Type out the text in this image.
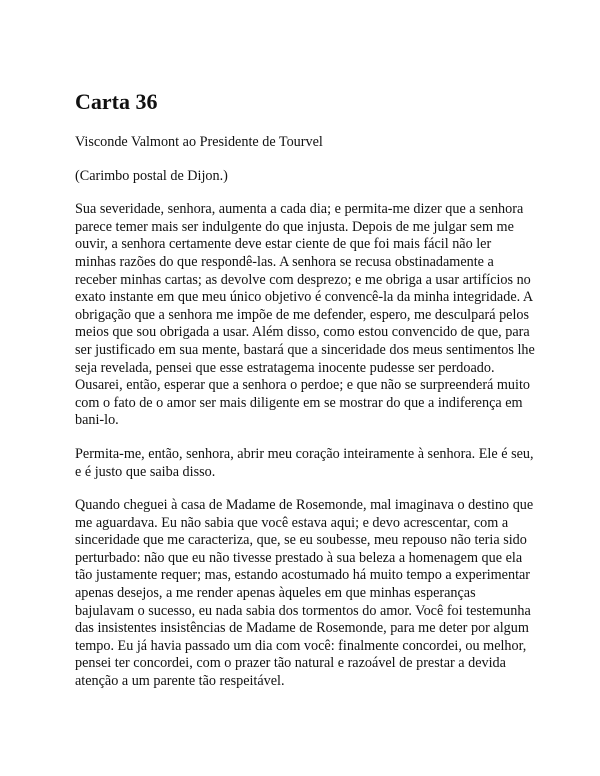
Carta 36

Visconde Valmont ao Presidente de Tourvel

(Carimbo postal de Dijon.)

Sua severidade, senhora, aumenta a cada dia; e permita-me dizer que a senhora parece temer mais ser indulgente do que injusta. Depois de me julgar sem me ouvir, a senhora certamente deve estar ciente de que foi mais fácil não ler minhas razões do que respondê-las. A senhora se recusa obstinadamente a receber minhas cartas; as devolve com desprezo; e me obriga a usar artifícios no exato instante em que meu único objetivo é convencê-la da minha integridade. A obrigação que a senhora me impõe de me defender, espero, me desculpará pelos meios que sou obrigada a usar. Além disso, como estou convencido de que, para ser justificado em sua mente, bastará que a sinceridade dos meus sentimentos lhe seja revelada, pensei que esse estratagema inocente pudesse ser perdoado. Ousarei, então, esperar que a senhora o perdoe; e que não se surpreenderá muito com o fato de o amor ser mais diligente em se mostrar do que a indiferença em bani-lo.

Permita-me, então, senhora, abrir meu coração inteiramente à senhora. Ele é seu, e é justo que saiba disso.

Quando cheguei à casa de Madame de Rosemonde, mal imaginava o destino que me aguardava. Eu não sabia que você estava aqui; e devo acrescentar, com a sinceridade que me caracteriza, que, se eu soubesse, meu repouso não teria sido perturbado: não que eu não tivesse prestado à sua beleza a homenagem que ela tão justamente requer; mas, estando acostumado há muito tempo a experimentar apenas desejos, a me render apenas àqueles em que minhas esperanças bajulavam o sucesso, eu nada sabia dos tormentos do amor. Você foi testemunha das insistentes insistências de Madame de Rosemonde, para me deter por algum tempo. Eu já havia passado um dia com você: finalmente concordei, ou melhor, pensei ter concordei, com o prazer tão natural e razoável de prestar a devida atenção a um parente tão respeitável.
